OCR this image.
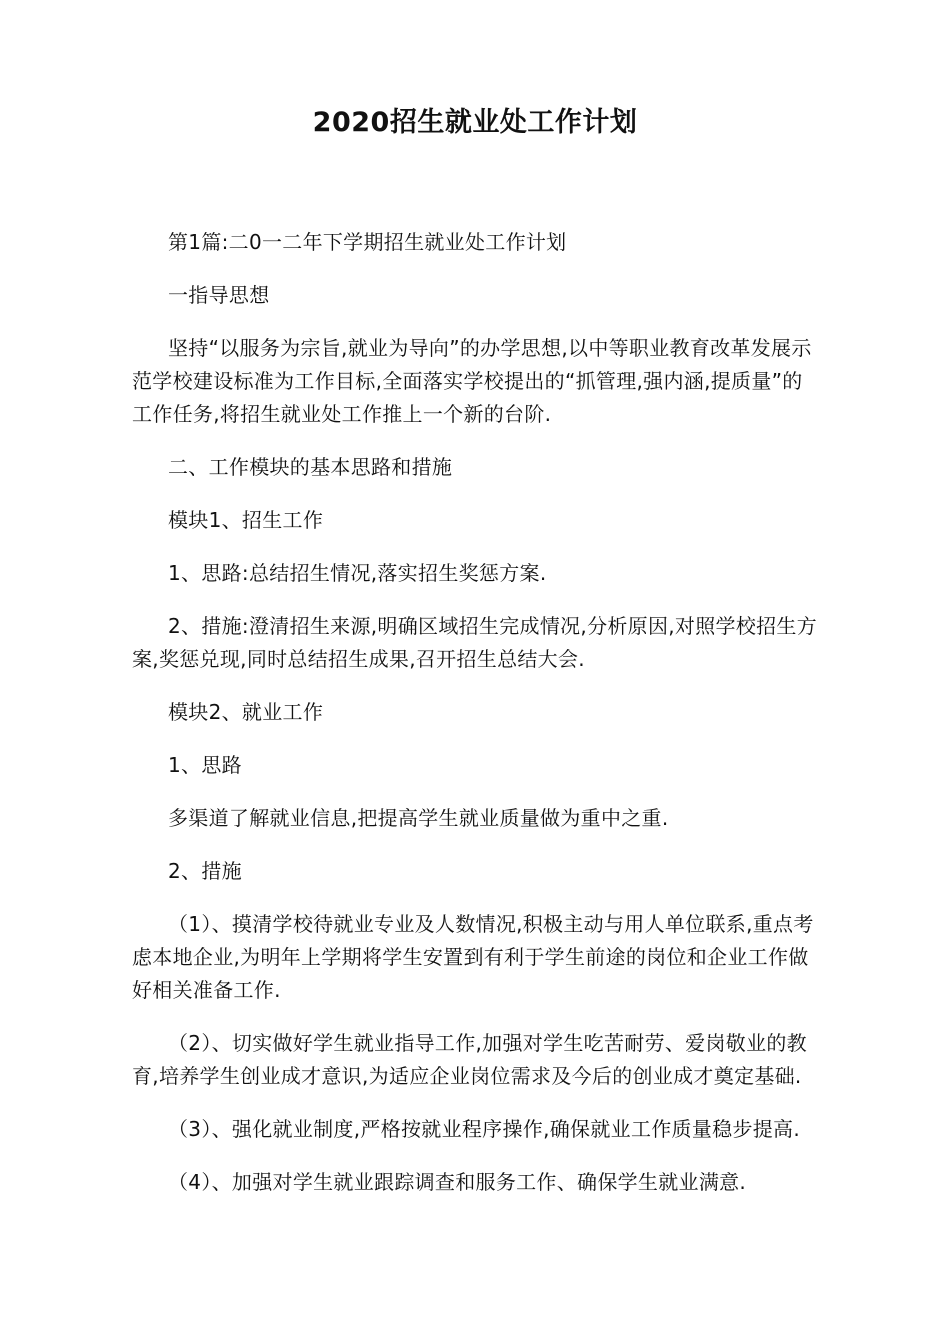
2020招生就业处工作计划

第1篇:二0一二年下学期招生就业处工作计划

一指导思想

坚持“以服务为宗旨,就业为导向”的办学思想,以中等职业教育改革发展示范学校建设标准为工作目标,全面落实学校提出的“抓管理,强内涵,提质量”的工作任务,将招生就业处工作推上一个新的台阶.

二、工作模块的基本思路和措施

模块1、招生工作

1、思路:总结招生情况,落实招生奖惩方案.

2、措施:澄清招生来源,明确区域招生完成情况,分析原因,对照学校招生方案,奖惩兑现,同时总结招生成果,召开招生总结大会.

模块2、就业工作

1、思路

多渠道了解就业信息,把提高学生就业质量做为重中之重.

2、措施

（1）、摸清学校待就业专业及人数情况,积极主动与用人单位联系,重点考虑本地企业,为明年上学期将学生安置到有利于学生前途的岗位和企业工作做好相关准备工作.

（2）、切实做好学生就业指导工作,加强对学生吃苦耐劳、爱岗敬业的教育,培养学生创业成才意识,为适应企业岗位需求及今后的创业成才奠定基础.

（3）、强化就业制度,严格按就业程序操作,确保就业工作质量稳步提高.

（4）、加强对学生就业跟踪调查和服务工作、确保学生就业满意.
